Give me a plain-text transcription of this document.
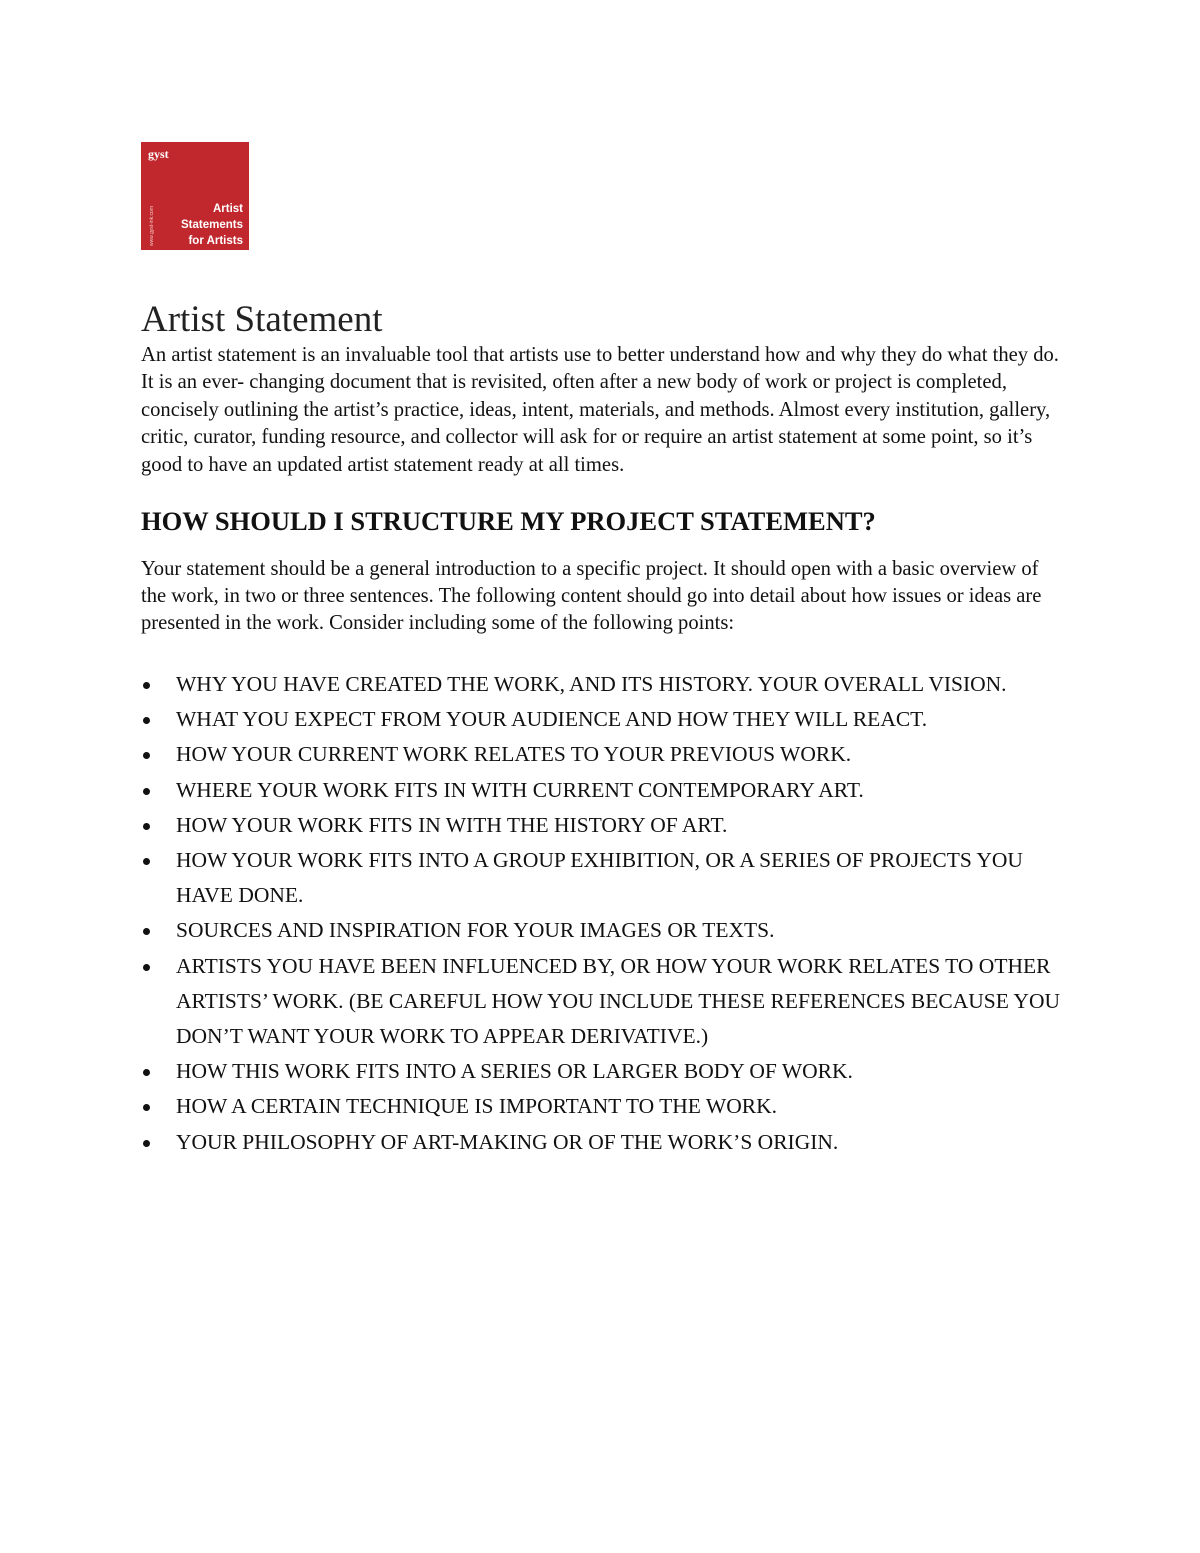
gyst
www.gyst-ink.com	Artist
Statements
for Artists
Artist Statement

An artist statement is an invaluable tool that artists use to better understand how and why they do what they do. It is an ever- changing document that is revisited, often after a new body of work or project is completed, concisely outlining the artist’s practice, ideas, intent, materials, and methods. Almost every institution, gallery, critic, curator, funding resource, and collector will ask for or require an artist statement at some point, so it’s good to have an updated artist statement ready at all times.

HOW SHOULD I STRUCTURE MY PROJECT STATEMENT?

Your statement should be a general introduction to a specific project. It should open with a basic overview of the work, in two or three sentences. The following content should go into detail about how issues or ideas are presented in the work. Consider including some of the following points:

WHY YOU HAVE CREATED THE WORK, AND ITS HISTORY. YOUR OVERALL VISION.
WHAT YOU EXPECT FROM YOUR AUDIENCE AND HOW THEY WILL REACT.
HOW YOUR CURRENT WORK RELATES TO YOUR PREVIOUS WORK.
WHERE YOUR WORK FITS IN WITH CURRENT CONTEMPORARY ART.
HOW YOUR WORK FITS IN WITH THE HISTORY OF ART.
HOW YOUR WORK FITS INTO A GROUP EXHIBITION, OR A SERIES OF PROJECTS YOU HAVE DONE.
SOURCES AND INSPIRATION FOR YOUR IMAGES OR TEXTS.
ARTISTS YOU HAVE BEEN INFLUENCED BY, OR HOW YOUR WORK RELATES TO OTHER ARTISTS’ WORK. (BE CAREFUL HOW YOU INCLUDE THESE REFERENCES BECAUSE YOU DON’T WANT YOUR WORK TO APPEAR DERIVATIVE.)
HOW THIS WORK FITS INTO A SERIES OR LARGER BODY OF WORK.
HOW A CERTAIN TECHNIQUE IS IMPORTANT TO THE WORK.
YOUR PHILOSOPHY OF ART-MAKING OR OF THE WORK’S ORIGIN.
